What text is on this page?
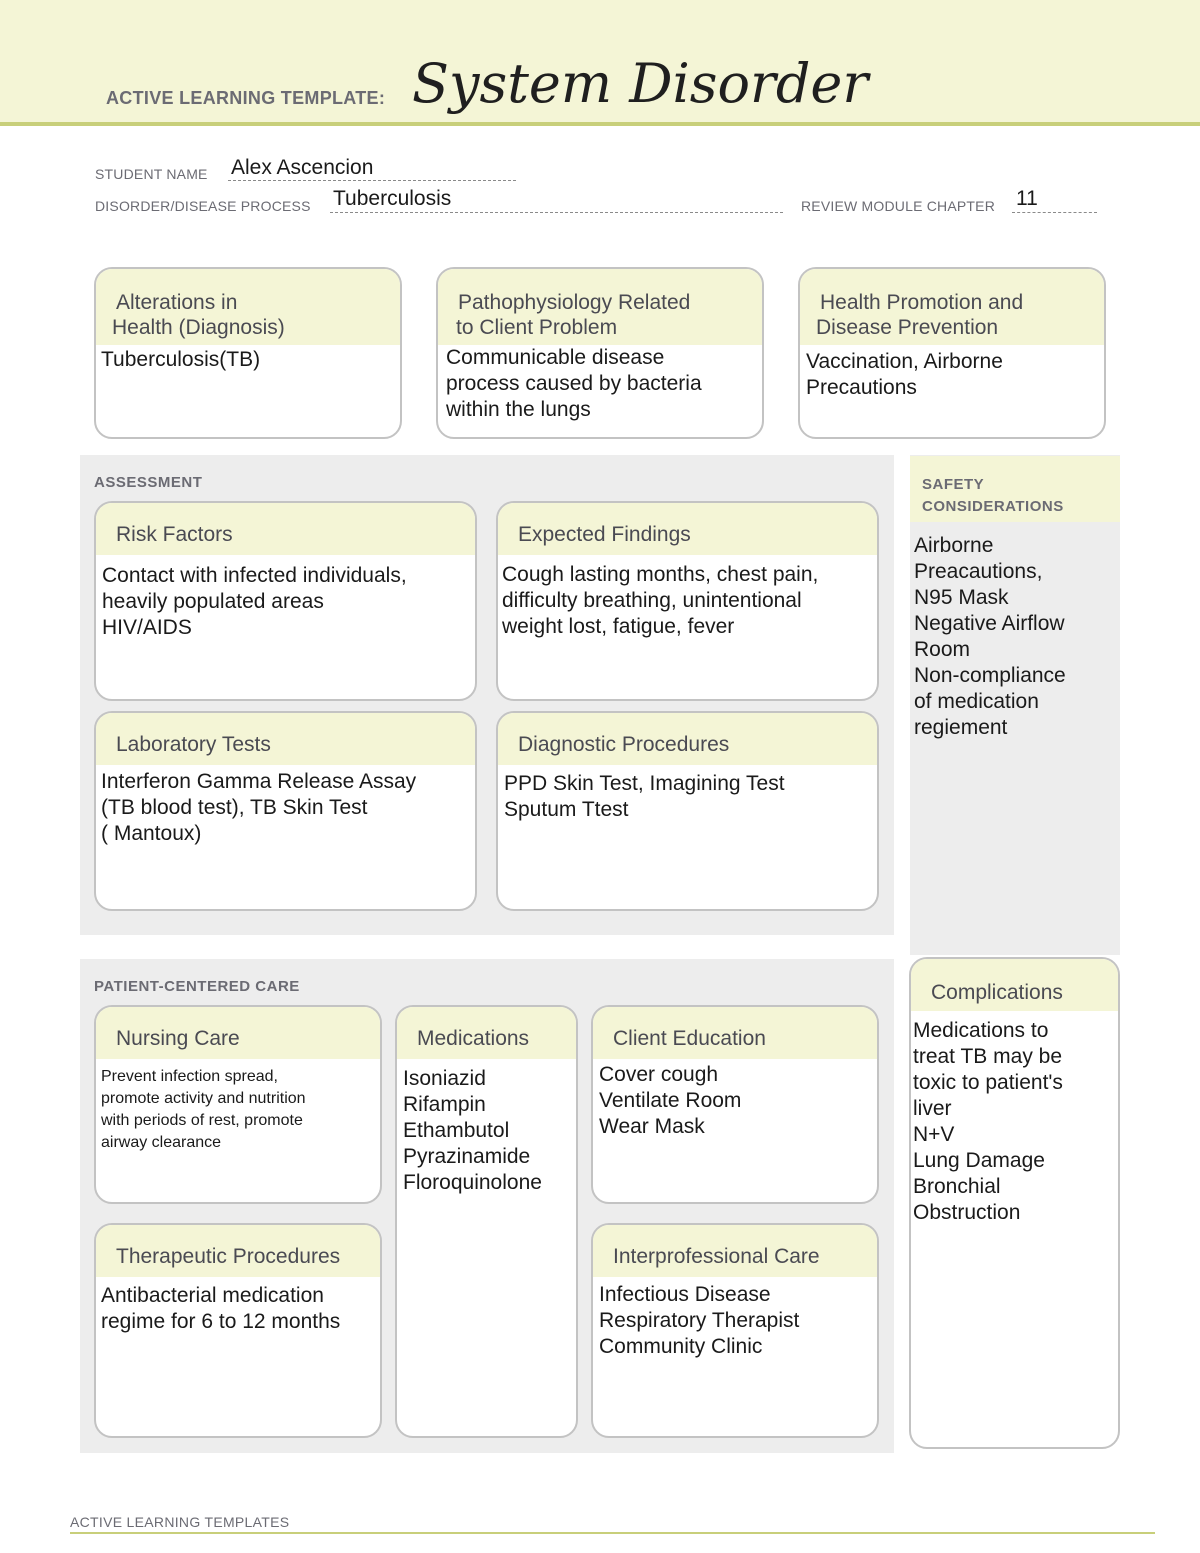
ACTIVE LEARNING TEMPLATE: System Disorder
STUDENT NAME Alex Ascencion
DISORDER/DISEASE PROCESS Tuberculosis	REVIEW MODULE CHAPTER 11
Alterations in
Health (Diagnosis)
Tuberculosis(TB)
Pathophysiology Related
to Client Problem
Communicable disease
process caused by bacteria
within the lungs
Health Promotion and
Disease Prevention
Vaccination, Airborne
Precautions
ASSESSMENT
Risk Factors
Contact with infected individuals,
heavily populated areas
HIV/AIDS
Expected Findings
Cough lasting months, chest pain,
difficulty breathing, unintentional
weight lost, fatigue, fever
Laboratory Tests
Interferon Gamma Release Assay
(TB blood test), TB Skin Test
( Mantoux)
Diagnostic Procedures
PPD Skin Test, Imagining Test
Sputum Ttest
SAFETY
CONSIDERATIONS
Airborne
Preacautions,
N95 Mask
Negative Airflow
Room
Non-compliance
of medication
regiement
PATIENT-CENTERED CARE
Nursing Care
Prevent infection spread,
promote activity and nutrition
with periods of rest, promote
airway clearance
Medications
Isoniazid
Rifampin
Ethambutol
Pyrazinamide
Floroquinolone
Client Education
Cover cough
Ventilate Room
Wear Mask
Therapeutic Procedures
Antibacterial medication
regime for 6 to 12 months
Interprofessional Care
Infectious Disease
Respiratory Therapist
Community Clinic
Complications
Medications to
treat TB may be
toxic to patient's
liver
N+V
Lung Damage
Bronchial
Obstruction
ACTIVE LEARNING TEMPLATES
